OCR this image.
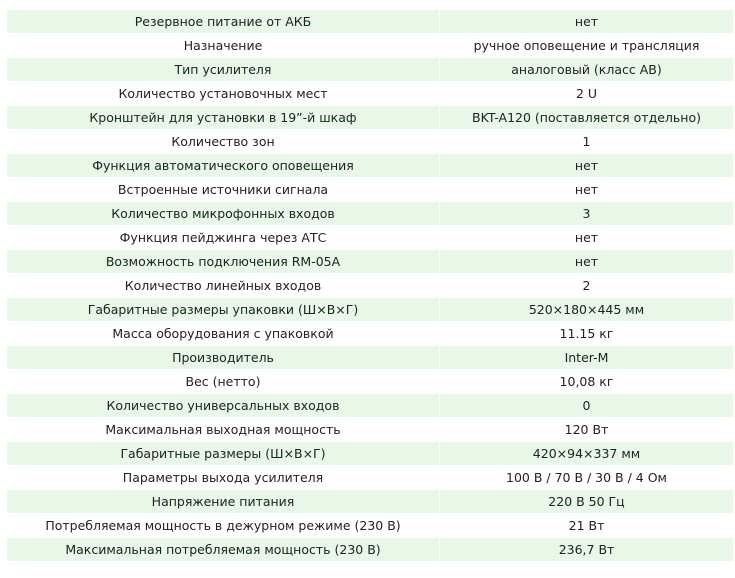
Резервное питание от АКБ	нет
Назначение	ручное оповещение и трансляция
Тип усилителя	аналоговый (класс AB)
Количество установочных мест	2 U
Кронштейн для установки в 19”-й шкаф	BKT-A120 (поставляется отдельно)
Количество зон	1
Функция автоматического оповещения	нет
Встроенные источники сигнала	нет
Количество микрофонных входов	3
Функция пейджинга через АТС	нет
Возможность подключения RM-05A	нет
Количество линейных входов	2
Габаритные размеры упаковки (Ш×В×Г)	520×180×445 мм
Масса оборудования с упаковкой	11.15 кг
Производитель	Inter-M
Вес (нетто)	10,08 кг
Количество универсальных входов	0
Максимальная выходная мощность	120 Вт
Габаритные размеры (Ш×В×Г)	420×94×337 мм
Параметры выхода усилителя	100 В / 70 В / 30 В / 4 Ом
Напряжение питания	220 В 50 Гц
Потребляемая мощность в дежурном режиме (230 В)	21 Вт
Максимальная потребляемая мощность (230 В)	236,7 Вт
